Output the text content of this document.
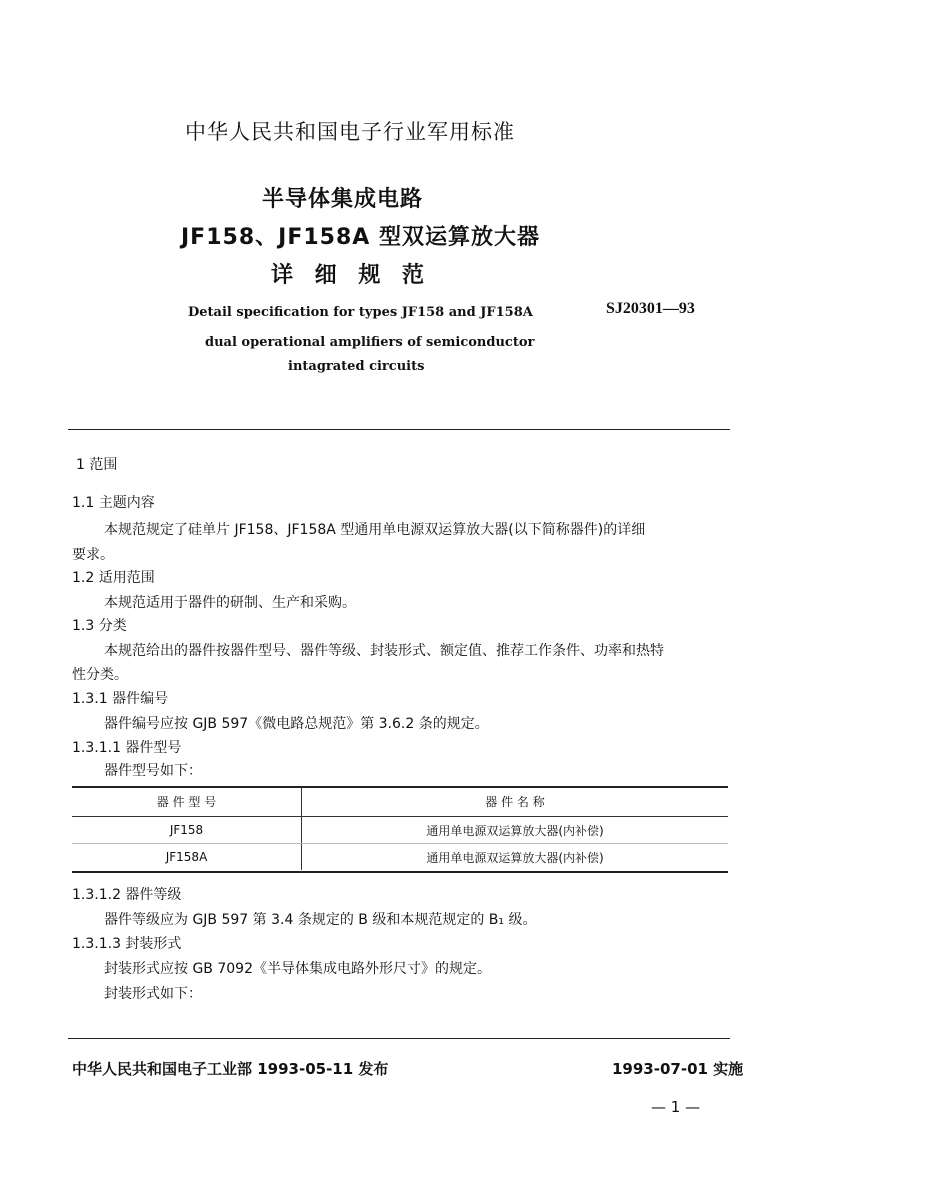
中华人民共和国电子行业军用标准
半导体集成电路
JF158、JF158A 型双运算放大器
详 细 规 范
Detail specification for types JF158 and JF158A
dual operational amplifiers of semiconductor
intagrated circuits
SJ20301—93
1 范围
1.1 主题内容
本规范规定了硅单片 JF158、JF158A 型通用单电源双运算放大器(以下简称器件)的详细
要求。
1.2 适用范围
本规范适用于器件的研制、生产和采购。
1.3 分类
本规范给出的器件按器件型号、器件等级、封装形式、额定值、推荐工作条件、功率和热特
性分类。
1.3.1 器件编号
器件编号应按 GJB 597《微电路总规范》第 3.6.2 条的规定。
1.3.1.1 器件型号
器件型号如下：
器 件 型 号	器 件 名 称
JF158	通用单电源双运算放大器(内补偿)
JF158A	通用单电源双运算放大器(内补偿)
1.3.1.2 器件等级
器件等级应为 GJB 597 第 3.4 条规定的 B 级和本规范规定的 B₁ 级。
1.3.1.3 封装形式
封装形式应按 GB 7092《半导体集成电路外形尺寸》的规定。
封装形式如下：
中华人民共和国电子工业部 1993-05-11 发布	1993-07-01 实施
— 1 —
